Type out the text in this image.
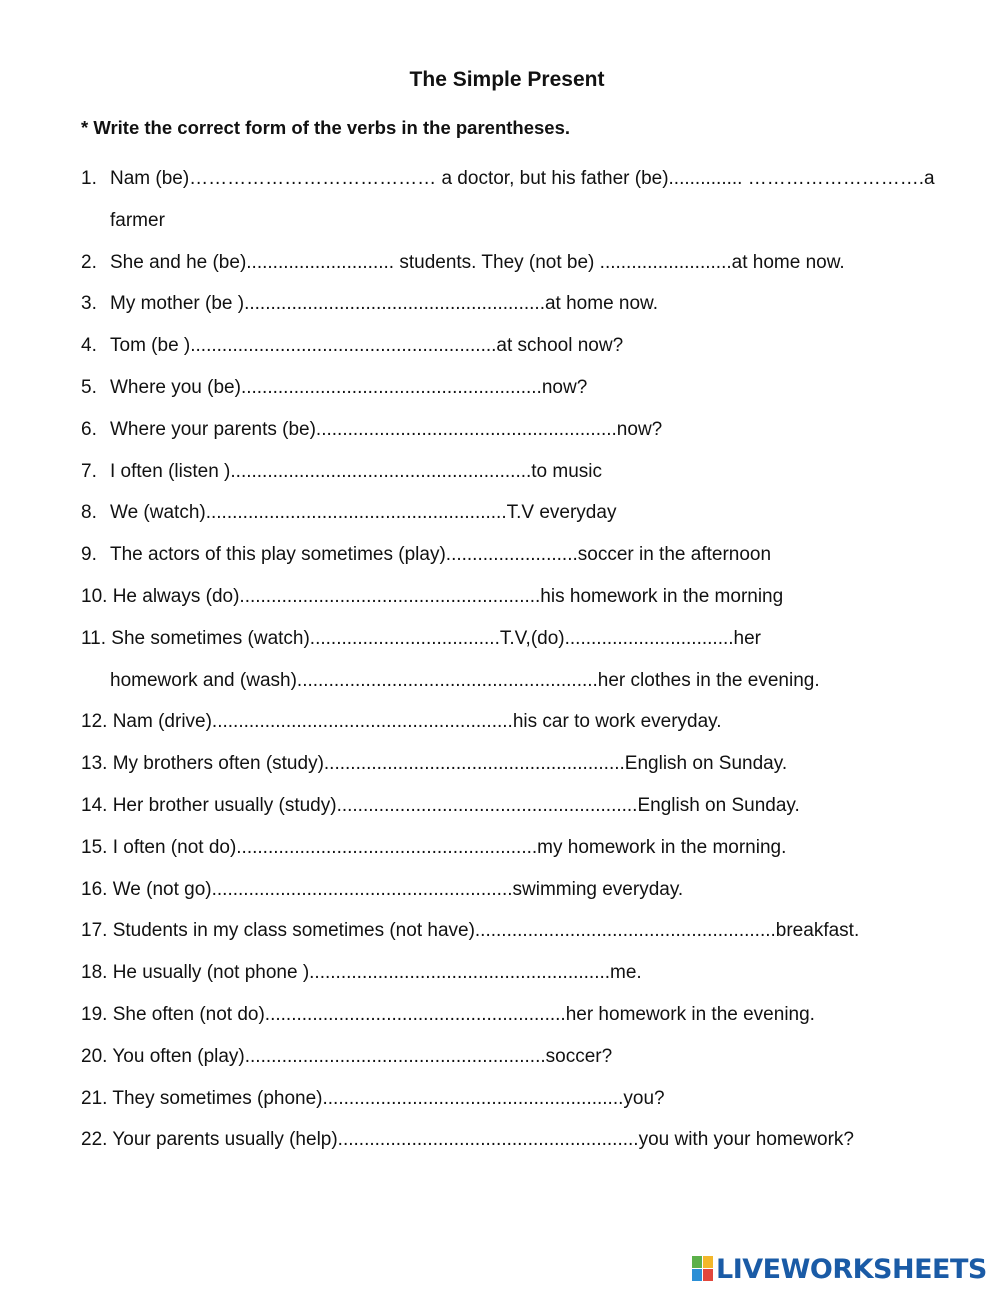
The Simple Present

* Write the correct form of the verbs in the parentheses.

1. Nam (be)………………………………… a doctor, but his father (be).............. ……………………….a
farmer
2. She and he (be)............................ students. They (not be) .........................at home now.
3. My mother (be ).........................................................at home now.
4. Tom (be )..........................................................at school now?
5. Where you (be).........................................................now?
6. Where your parents (be).........................................................now?
7. I often (listen ).........................................................to music
8. We (watch).........................................................T.V everyday
9. The actors of this play sometimes (play).........................soccer in the afternoon
10. He always (do).........................................................his homework in the morning
11. She sometimes (watch)....................................T.V,(do)................................her
homework and (wash).........................................................her clothes in the evening.
12. Nam (drive).........................................................his car to work everyday.
13. My brothers often (study).........................................................English on Sunday.
14. Her brother usually (study).........................................................English on Sunday.
15. I often (not do).........................................................my homework in the morning.
16. We (not go).........................................................swimming everyday.
17. Students in my class sometimes (not have).........................................................breakfast.
18. He usually (not phone ).........................................................me.
19. She often (not do).........................................................her homework in the evening.
20. You often (play).........................................................soccer?
21. They sometimes (phone).........................................................you?
22. Your parents usually (help).........................................................you with your homework?
LIVEWORKSHEETS
